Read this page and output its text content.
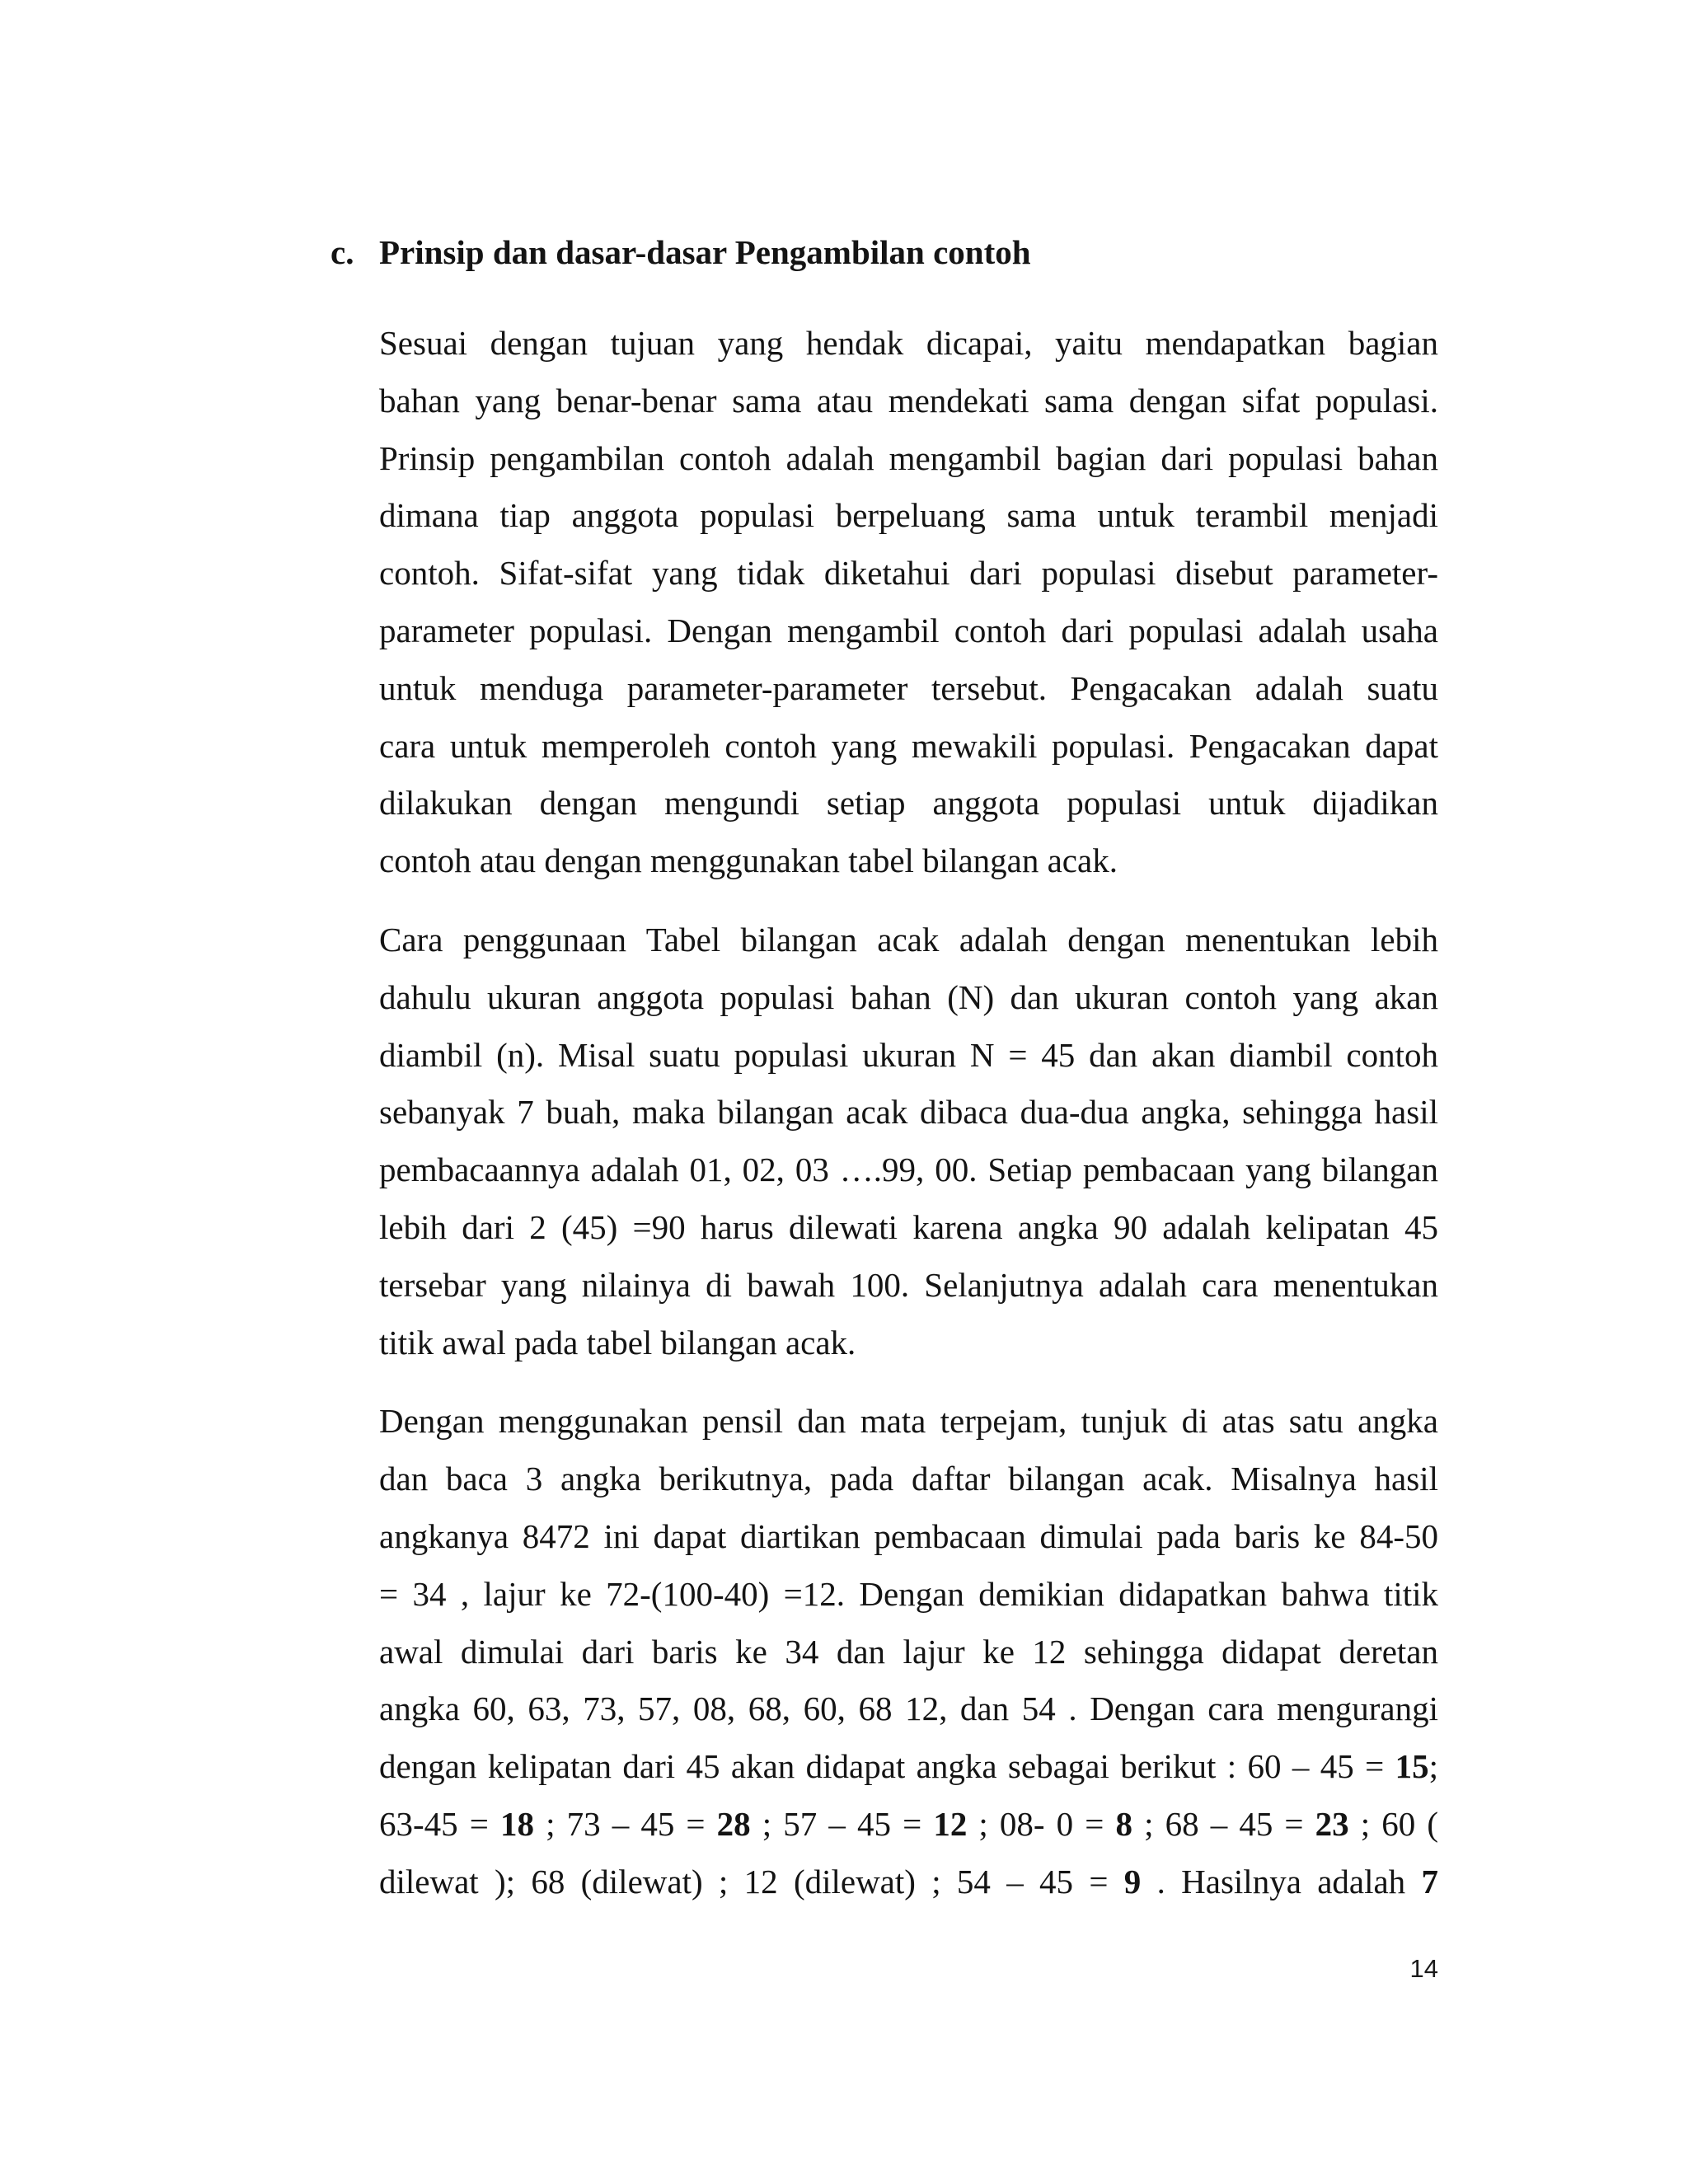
c. Prinsip dan dasar-dasar Pengambilan contoh
Sesuai dengan tujuan yang hendak dicapai, yaitu mendapatkan bagian
bahan yang benar-benar sama atau mendekati sama dengan sifat populasi.
Prinsip pengambilan contoh adalah mengambil bagian dari populasi bahan
dimana tiap anggota populasi berpeluang sama untuk terambil menjadi
contoh. Sifat-sifat yang tidak diketahui dari populasi disebut parameter-
parameter populasi. Dengan mengambil contoh dari populasi adalah usaha
untuk menduga parameter-parameter tersebut. Pengacakan adalah suatu
cara untuk memperoleh contoh yang mewakili populasi. Pengacakan dapat
dilakukan dengan mengundi setiap anggota populasi untuk dijadikan
contoh atau dengan menggunakan tabel bilangan acak.
Cara penggunaan Tabel bilangan acak adalah dengan menentukan lebih
dahulu ukuran anggota populasi bahan (N) dan ukuran contoh yang akan
diambil (n). Misal suatu populasi ukuran N = 45 dan akan diambil contoh
sebanyak 7 buah, maka bilangan acak dibaca dua-dua angka, sehingga hasil
pembacaannya adalah 01, 02, 03 ….99, 00. Setiap pembacaan yang bilangan
lebih dari 2 (45) =90 harus dilewati karena angka 90 adalah kelipatan 45
tersebar yang nilainya di bawah 100. Selanjutnya adalah cara menentukan
titik awal pada tabel bilangan acak.
Dengan menggunakan pensil dan mata terpejam, tunjuk di atas satu angka
dan baca 3 angka berikutnya, pada daftar bilangan acak. Misalnya hasil
angkanya 8472 ini dapat diartikan pembacaan dimulai pada baris ke 84-50
= 34 , lajur ke 72-(100-40) =12. Dengan demikian didapatkan bahwa titik
awal dimulai dari baris ke 34 dan lajur ke 12 sehingga didapat deretan
angka 60, 63, 73, 57, 08, 68, 60, 68 12, dan 54 . Dengan cara mengurangi
dengan kelipatan dari 45 akan didapat angka sebagai berikut : 60 – 45 = 15;
63-45 = 18 ; 73 – 45 = 28 ; 57 – 45 = 12 ; 08- 0 = 8 ; 68 – 45 = 23 ; 60 (
dilewat ); 68 (dilewat) ; 12 (dilewat) ; 54 – 45 = 9 . Hasilnya adalah 7
14
